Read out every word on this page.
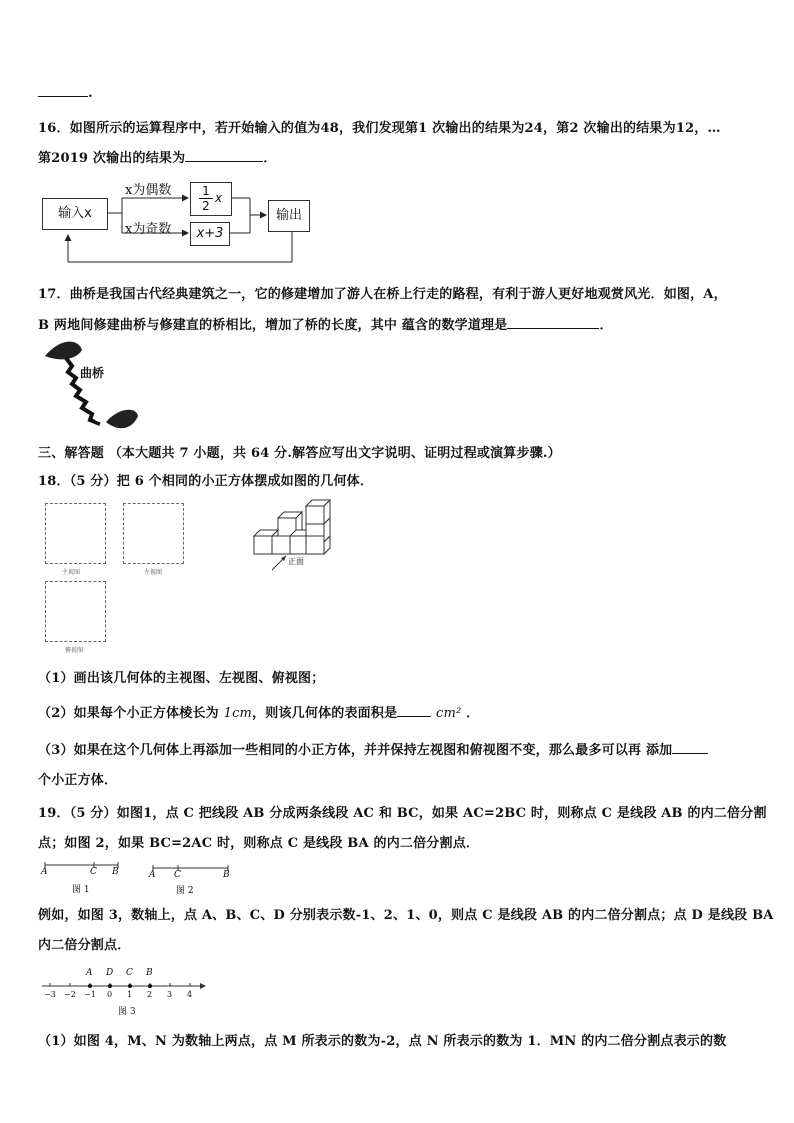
.
16．如图所示的运算程序中，若开始输入的值为48，我们发现第1 次输出的结果为24，第2 次输出的结果为12，…
第2019 次输出的结果为	．
输入x
x为偶数
x为奇数
1
2
x
x+3
输出
17．曲桥是我国古代经典建筑之一，它的修建增加了游人在桥上行走的路程，有利于游人更好地观赏风光．如图，A，
B 两地间修建曲桥与修建直的桥相比，增加了桥的长度，其中 蕴含的数学道理是	．
曲桥
三、解答题 （本大题共 7 小题，共 64 分.解答应写出文字说明、证明过程或演算步骤.）
18．（5 分）把 6 个相同的小正方体摆成如图的几何体．
主视图	左视图
俯视图
正面
（1）画出该几何体的主视图、左视图、俯视图；
（2）如果每个小正方体棱长为 1cm，则该几何体的表面积是	cm² ．
（3）如果在这个几何体上再添加一些相同的小正方体，并并保持左视图和俯视图不变，那么最多可以再 添加
个小正方体．
19．（5 分）如图1，点 C 把线段 AB 分成两条线段 AC 和 BC，如果 AC=2BC 时，则称点 C 是线段 AB 的内二倍分割
点；如图 2，如果 BC=2AC 时，则称点 C 是线段 BA 的内二倍分割点．
A	C B
图 1
A C	B
图 2
例如，如图 3，数轴上，点 A、B、C、D 分别表示数-1、2、1、0，则点 C 是线段 AB 的内二倍分割点；点 D 是线段 BA
内二倍分割点．
A D C B
−3 −2 −1 0 1 2 3 4
图 3
（1）如图 4，M、N 为数轴上两点，点 M 所表示的数为-2，点 N 所表示的数为 1．MN 的内二倍分割点表示的数
